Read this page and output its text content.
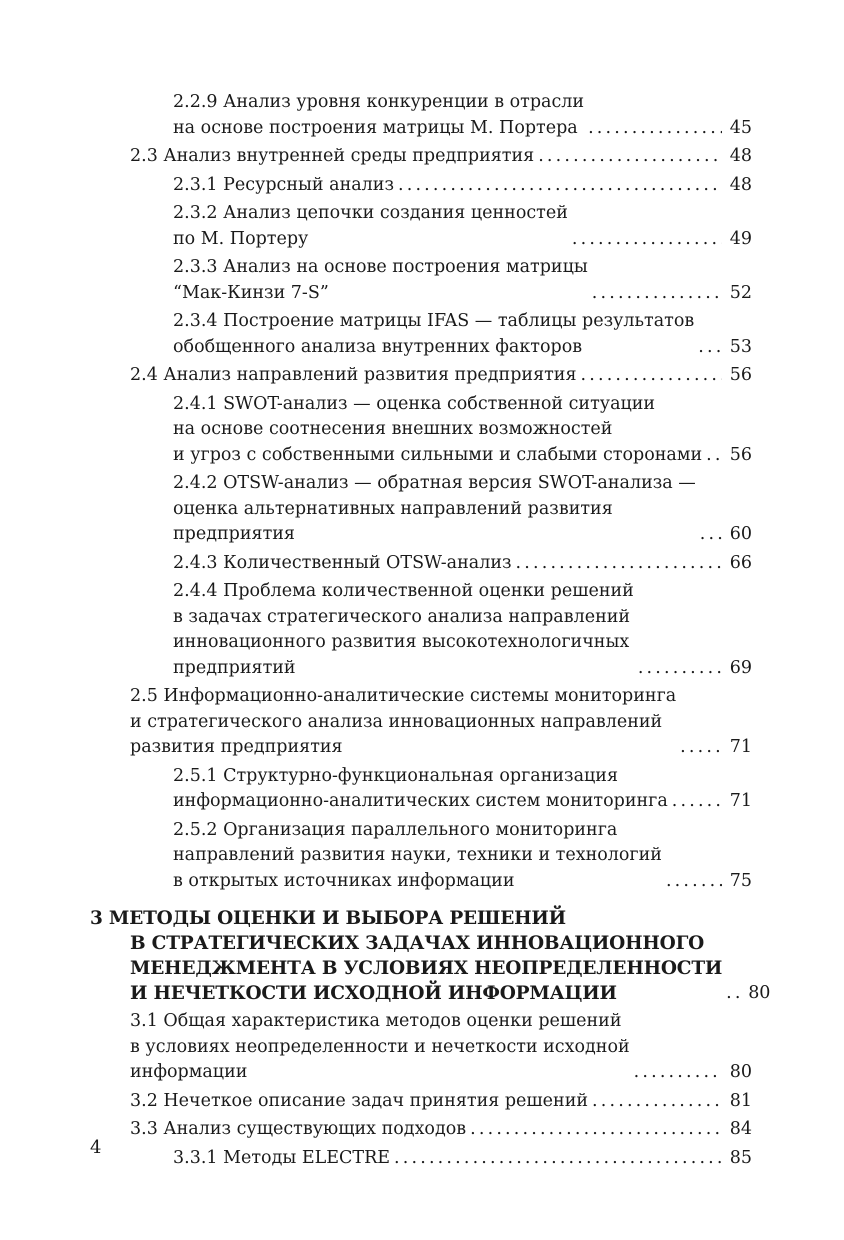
2.2.9 Анализ уровня конкуренции в отрасли
на основе построения матрицы М. Портера . . .	45
2.3 Анализ внутренней среды предприятия . . .	48
2.3.1 Ресурсный анализ . . .	48
2.3.2 Анализ цепочки создания ценностей
по М. Портеру . . .	49
2.3.3 Анализ на основе построения матрицы
“Мак-Кинзи 7-S” . . .	52
2.3.4 Построение матрицы IFAS — таблицы результатов
обобщенного анализа внутренних факторов . . .	53
2.4 Анализ направлений развития предприятия . . .	56
2.4.1 SWOT-анализ — оценка собственной ситуации
на основе соотнесения внешних возможностей
и угроз с собственными сильными и слабыми сторонами . . . 56
2.4.2 OTSW-анализ — обратная версия SWOT-анализа —
оценка альтернативных направлений развития
предприятия . . .	60
2.4.3 Количественный OTSW-анализ . . .	66
2.4.4 Проблема количественной оценки решений
в задачах стратегического анализа направлений
инновационного развития высокотехнологичных
предприятий . . .	69
2.5 Информационно-аналитические системы мониторинга
и стратегического анализа инновационных направлений
развития предприятия . . .	71
2.5.1 Структурно-функциональная организация
информационно-аналитических систем мониторинга . . .	71
2.5.2 Организация параллельного мониторинга
направлений развития науки, техники и технологий
в открытых источниках информации . . .	75
3 МЕТОДЫ ОЦЕНКИ И ВЫБОРА РЕШЕНИЙ
В СТРАТЕГИЧЕСКИХ ЗАДАЧАХ ИННОВАЦИОННОГО
МЕНЕДЖМЕНТА В УСЛОВИЯХ НЕОПРЕДЕЛЕННОСТИ
И НЕЧЕТКОСТИ ИСХОДНОЙ ИНФОРМАЦИИ . . .	80
3.1 Общая характеристика методов оценки решений
в условиях неопределенности и нечеткости исходной
информации . . .	80
3.2 Нечеткое описание задач принятия решений . . .	81
3.3 Анализ существующих подходов . . .	84
3.3.1 Методы ELECTRE . . .	85
4
